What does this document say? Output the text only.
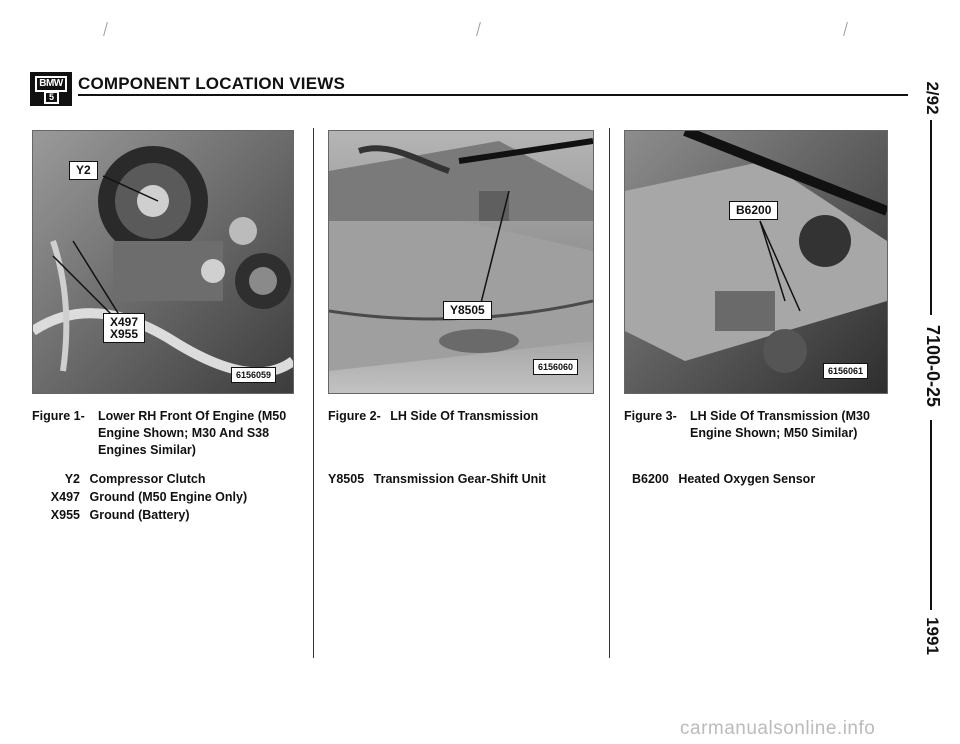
BMW
5
COMPONENT LOCATION VIEWS
Y2
X497
X955
6156059
Y8505
6156060
B6200
6156061
Figure 1- Lower RH Front Of Engine (M50
Engine Shown; M30 And S38
Engines Similar)
Figure 2- LH Side Of Transmission	Figure 3- LH Side Of Transmission (M30
Engine Shown; M50 Similar)
Y2 Compressor Clutch
X497 Ground (M50 Engine Only)
X955 Ground (Battery)
Y8505 Transmission Gear-Shift Unit	B6200 Heated Oxygen Sensor
2/92
7100-0-25
1991
carmanualsonline.info
